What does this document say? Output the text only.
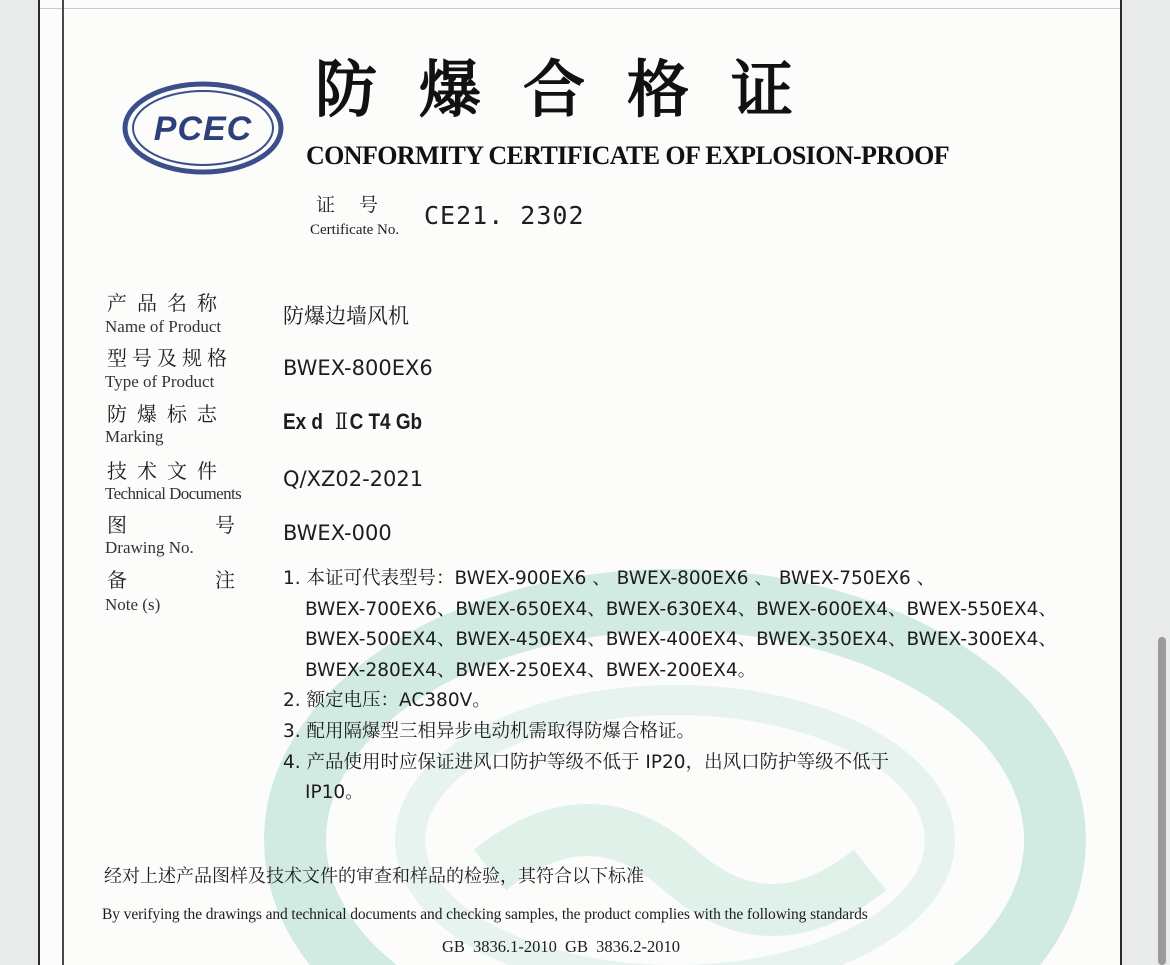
PCEC
防爆合格证
CONFORMITY CERTIFICATE OF EXPLOSION-PROOF
证号
Certificate No. CE21. 2302
产品名称
Name of Product
型号及规格
Type of Product
防爆标志
Marking
技术文件
Technical Documents
图号
Drawing No.
备注
Note (s)
防爆边墙风机
BWEX-800EX6
Ex d ⅡC T4 Gb
Q/XZ02-2021
BWEX-000
1. 本证可代表型号：BWEX-900EX6 、 BWEX-800EX6 、 BWEX-750EX6 、
BWEX-700EX6、BWEX-650EX4、BWEX-630EX4、BWEX-600EX4、BWEX-550EX4、
BWEX-500EX4、BWEX-450EX4、BWEX-400EX4、BWEX-350EX4、BWEX-300EX4、
BWEX-280EX4、BWEX-250EX4、BWEX-200EX4。
2. 额定电压：AC380V。
3. 配用隔爆型三相异步电动机需取得防爆合格证。
4. 产品使用时应保证进风口防护等级不低于 IP20，出风口防护等级不低于
IP10。
经对上述产品图样及技术文件的审查和样品的检验，其符合以下标准
By verifying the drawings and technical documents and checking samples, the product complies with the following standards
GB 3836.1-2010 GB 3836.2-2010
